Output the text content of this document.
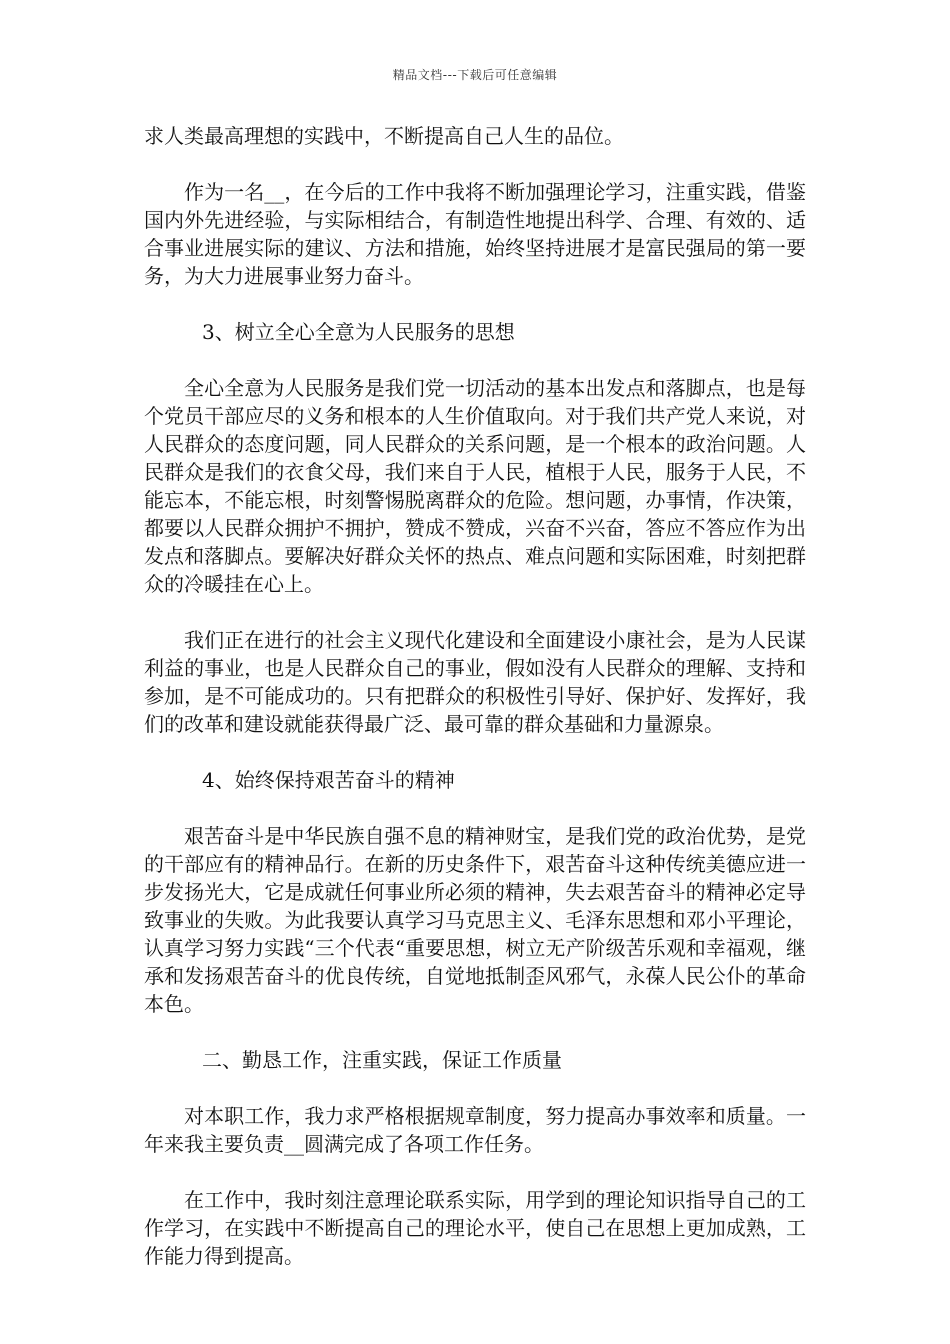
精品文档---下载后可任意编辑

求人类最高理想的实践中，不断提高自己人生的品位。

作为一名__，在今后的工作中我将不断加强理论学习，注重实践，借鉴国内外先进经验，与实际相结合，有制造性地提出科学、合理、有效的、适合事业进展实际的建议、方法和措施，始终坚持进展才是富民强局的第一要务，为大力进展事业努力奋斗。

3、树立全心全意为人民服务的思想

全心全意为人民服务是我们党一切活动的基本出发点和落脚点，也是每个党员干部应尽的义务和根本的人生价值取向。对于我们共产党人来说，对人民群众的态度问题，同人民群众的关系问题，是一个根本的政治问题。人民群众是我们的衣食父母，我们来自于人民，植根于人民，服务于人民，不能忘本，不能忘根，时刻警惕脱离群众的危险。想问题，办事情，作决策，都要以人民群众拥护不拥护，赞成不赞成，兴奋不兴奋，答应不答应作为出发点和落脚点。要解决好群众关怀的热点、难点问题和实际困难，时刻把群众的冷暖挂在心上。

我们正在进行的社会主义现代化建设和全面建设小康社会，是为人民谋利益的事业，也是人民群众自己的事业，假如没有人民群众的理解、支持和参加，是不可能成功的。只有把群众的积极性引导好、保护好、发挥好，我们的改革和建设就能获得最广泛、最可靠的群众基础和力量源泉。

4、始终保持艰苦奋斗的精神

艰苦奋斗是中华民族自强不息的精神财宝，是我们党的政治优势，是党的干部应有的精神品行。在新的历史条件下，艰苦奋斗这种传统美德应进一步发扬光大，它是成就任何事业所必须的精神，失去艰苦奋斗的精神必定导致事业的失败。为此我要认真学习马克思主义、毛泽东思想和邓小平理论，认真学习努力实践“三个代表“重要思想，树立无产阶级苦乐观和幸福观，继承和发扬艰苦奋斗的优良传统，自觉地抵制歪风邪气，永葆人民公仆的革命本色。

二、勤恳工作，注重实践，保证工作质量

对本职工作，我力求严格根据规章制度，努力提高办事效率和质量。一年来我主要负责__圆满完成了各项工作任务。

在工作中，我时刻注意理论联系实际，用学到的理论知识指导自己的工作学习，在实践中不断提高自己的理论水平，使自己在思想上更加成熟，工作能力得到提高。
